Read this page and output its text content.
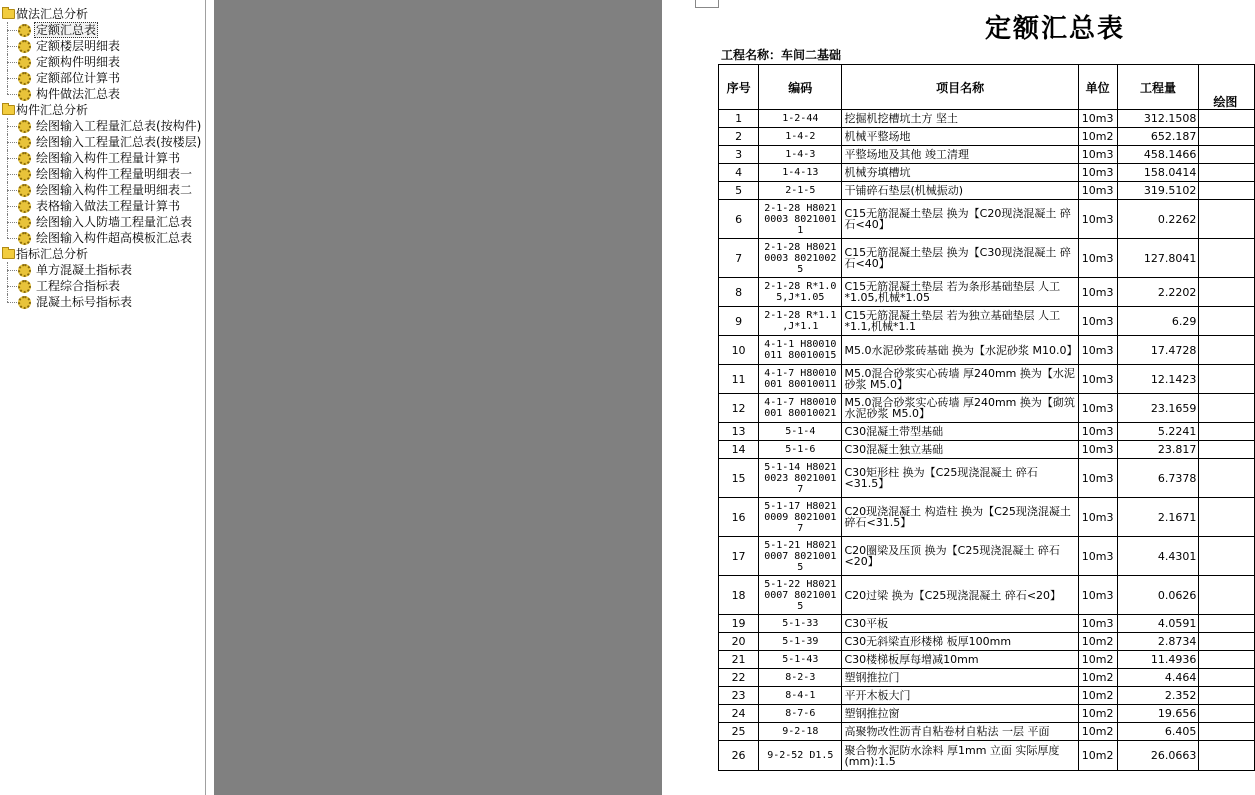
做法汇总分析
定额汇总表
定额楼层明细表
定额构件明细表
定额部位计算书
构件做法汇总表
构件汇总分析
绘图输入工程量汇总表(按构件)
绘图输入工程量汇总表(按楼层)
绘图输入构件工程量计算书
绘图输入构件工程量明细表一
绘图输入构件工程量明细表二
表格输入做法工程量计算书
绘图输入人防墙工程量汇总表
绘图输入构件超高模板汇总表
指标汇总分析
单方混凝土指标表
工程综合指标表
混凝土标号指标表
定额汇总表
工程名称：车间二基础
序号	编码	项目名称	单位	工程量	绘图

1	1-2-44	挖掘机挖槽坑土方 坚土	10m3	312.1508	
2	1-4-2	机械平整场地	10m2	652.187	
3	1-4-3	平整场地及其他 竣工清理	10m3	458.1466	
4	1-4-13	机械夯填槽坑	10m3	158.0414	
5	2-1-5	干铺碎石垫层(机械振动)	10m3	319.5102	
6	2-1-28 H8021 0003 8021001 1	C15无筋混凝土垫层 换为【C20现浇混凝土 碎石<40】	10m3	0.2262	
7	2-1-28 H8021 0003 8021002 5	C15无筋混凝土垫层 换为【C30现浇混凝土 碎石<40】	10m3	127.8041	
8	2-1-28 R*1.0 5,J*1.05	C15无筋混凝土垫层 若为条形基础垫层 人工*1.05,机械*1.05	10m3	2.2202	
9	2-1-28 R*1.1 ,J*1.1	C15无筋混凝土垫层 若为独立基础垫层 人工*1.1,机械*1.1	10m3	6.29	
10	4-1-1 H80010 011 80010015	M5.0水泥砂浆砖基础 换为【水泥砂浆 M10.0】	10m3	17.4728	
11	4-1-7 H80010 001 80010011	M5.0混合砂浆实心砖墙 厚240mm 换为【水泥砂浆 M5.0】	10m3	12.1423	
12	4-1-7 H80010 001 80010021	M5.0混合砂浆实心砖墙 厚240mm 换为【砌筑水泥砂浆 M5.0】	10m3	23.1659	
13	5-1-4	C30混凝土带型基础	10m3	5.2241	
14	5-1-6	C30混凝土独立基础	10m3	23.817	
15	5-1-14 H8021 0023 8021001 7	C30矩形柱 换为【C25现浇混凝土 碎石<31.5】	10m3	6.7378	
16	5-1-17 H8021 0009 8021001 7	C20现浇混凝土 构造柱 换为【C25现浇混凝土 碎石<31.5】	10m3	2.1671	
17	5-1-21 H8021 0007 8021001 5	C20圈梁及压顶 换为【C25现浇混凝土 碎石<20】	10m3	4.4301	
18	5-1-22 H8021 0007 8021001 5	C20过梁 换为【C25现浇混凝土 碎石<20】	10m3	0.0626	
19	5-1-33	C30平板	10m3	4.0591	
20	5-1-39	C30无斜梁直形楼梯 板厚100mm	10m2	2.8734	
21	5-1-43	C30楼梯板厚每增减10mm	10m2	11.4936	
22	8-2-3	塑钢推拉门	10m2	4.464	
23	8-4-1	平开木板大门	10m2	2.352	
24	8-7-6	塑钢推拉窗	10m2	19.656	
25	9-2-18	高聚物改性沥青自粘卷材自粘法 一层 平面	10m2	6.405	
26	9-2-52 D1.5	聚合物水泥防水涂料 厚1mm 立面 实际厚度(mm):1.5	10m2	26.0663	
